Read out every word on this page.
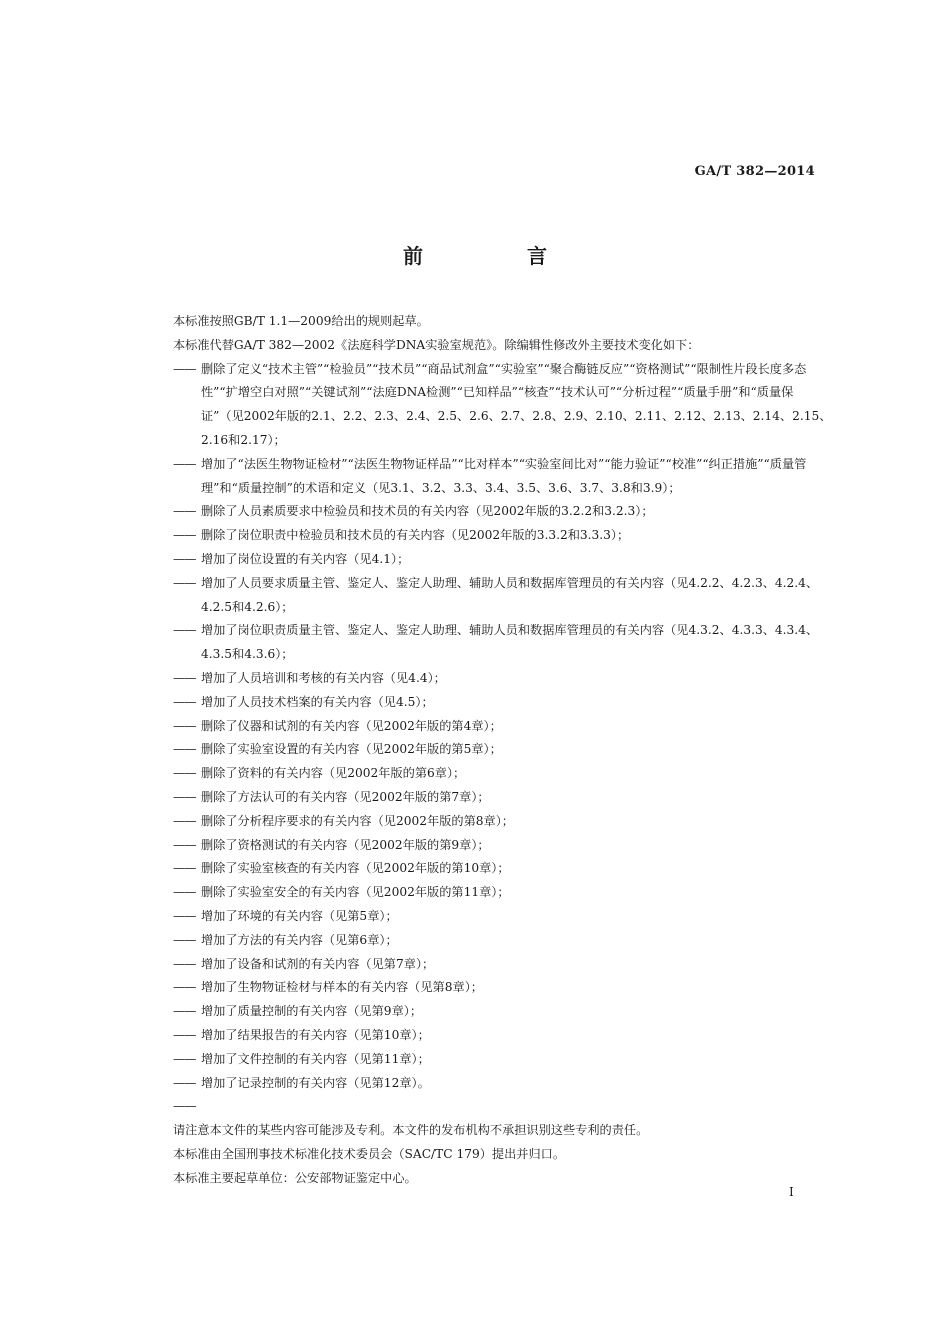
GA/T 382—2014
前　言

本标准按照GB/T 1.1—2009给出的规则起草。

本标准代替GA/T 382—2002《法庭科学DNA实验室规范》。除编辑性修改外主要技术变化如下：

—— 删除了定义“技术主管”“检验员”“技术员”“商品试剂盒”“实验室”“聚合酶链反应”“资格测试”“限制性片段长度多态性”“扩增空白对照”“关键试剂”“法庭DNA检测”“已知样品”“核查”“技术认可”“分析过程”“质量手册”和“质量保证”（见2002年版的2.1、2.2、2.3、2.4、2.5、2.6、2.7、2.8、2.9、2.10、2.11、2.12、2.13、2.14、2.15、2.16和2.17）；

—— 增加了“法医生物物证检材”“法医生物物证样品”“比对样本”“实验室间比对”“能力验证”“校准”“纠正措施”“质量管理”和“质量控制”的术语和定义（见3.1、3.2、3.3、3.4、3.5、3.6、3.7、3.8和3.9）；

—— 删除了人员素质要求中检验员和技术员的有关内容（见2002年版的3.2.2和3.2.3）；

—— 删除了岗位职责中检验员和技术员的有关内容（见2002年版的3.3.2和3.3.3）；

—— 增加了岗位设置的有关内容（见4.1）；

—— 增加了人员要求质量主管、鉴定人、鉴定人助理、辅助人员和数据库管理员的有关内容（见4.2.2、4.2.3、4.2.4、4.2.5和4.2.6）；

—— 增加了岗位职责质量主管、鉴定人、鉴定人助理、辅助人员和数据库管理员的有关内容（见4.3.2、4.3.3、4.3.4、4.3.5和4.3.6）；

—— 增加了人员培训和考核的有关内容（见4.4）；

—— 增加了人员技术档案的有关内容（见4.5）；

—— 删除了仪器和试剂的有关内容（见2002年版的第4章）；

—— 删除了实验室设置的有关内容（见2002年版的第5章）；

—— 删除了资料的有关内容（见2002年版的第6章）；

—— 删除了方法认可的有关内容（见2002年版的第7章）；

—— 删除了分析程序要求的有关内容（见2002年版的第8章）；

—— 删除了资格测试的有关内容（见2002年版的第9章）；

—— 删除了实验室核查的有关内容（见2002年版的第10章）；

—— 删除了实验室安全的有关内容（见2002年版的第11章）；

—— 增加了环境的有关内容（见第5章）；

—— 增加了方法的有关内容（见第6章）；

—— 增加了设备和试剂的有关内容（见第7章）；

—— 增加了生物物证检材与样本的有关内容（见第8章）；

—— 增加了质量控制的有关内容（见第9章）；

—— 增加了结果报告的有关内容（见第10章）；

—— 增加了文件控制的有关内容（见第11章）；

—— 增加了记录控制的有关内容（见第12章）。

——

请注意本文件的某些内容可能涉及专利。本文件的发布机构不承担识别这些专利的责任。

本标准由全国刑事技术标准化技术委员会（SAC/TC 179）提出并归口。

本标准主要起草单位：公安部物证鉴定中心。

I
